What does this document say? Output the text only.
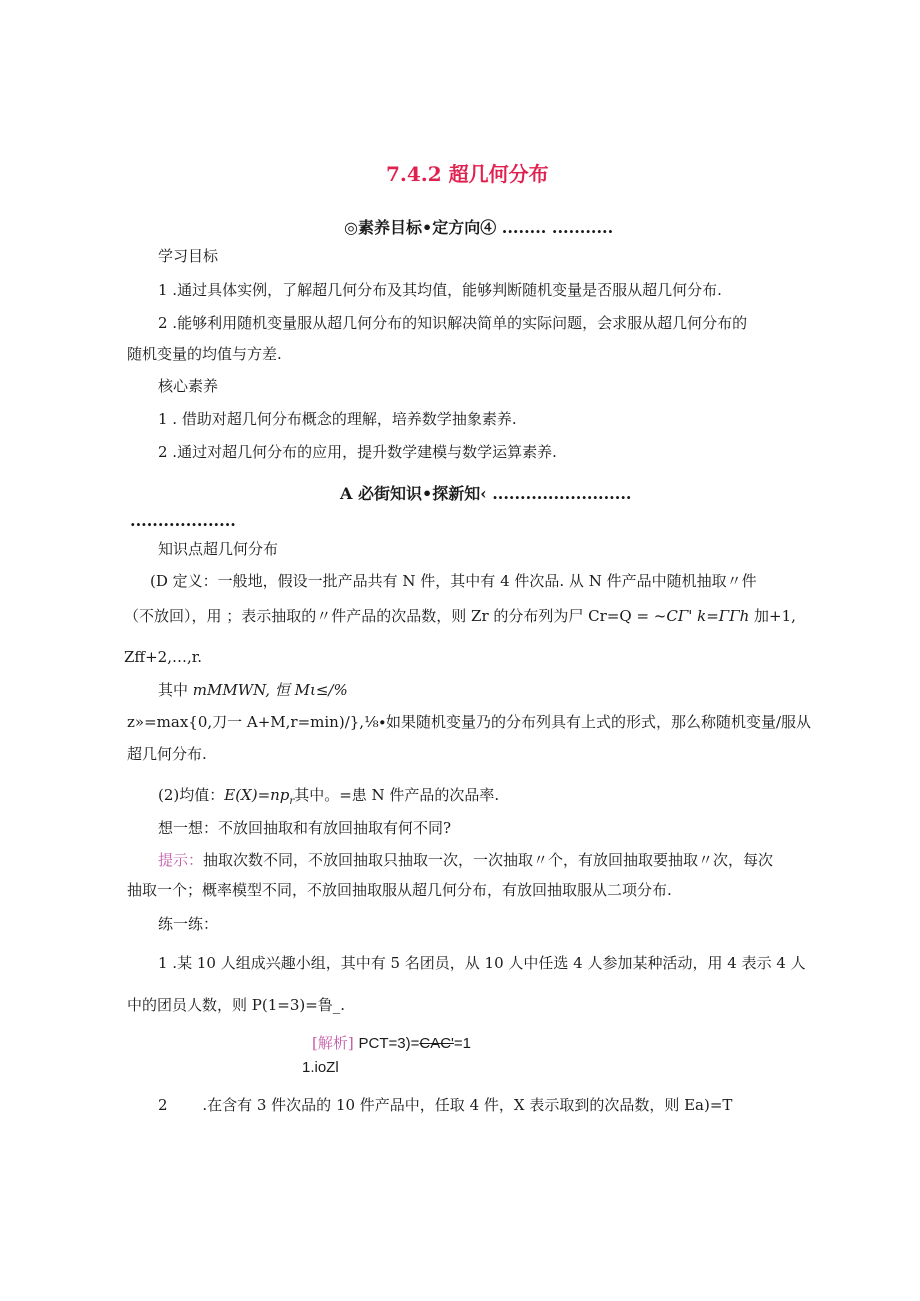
7.4.2 超几何分布
◎素养目标•定方向④ ........ ...........
学习目标
1 .通过具体实例，了解超几何分布及其均值，能够判断随机变量是否服从超几何分布.
2 .能够利用随机变量服从超几何分布的知识解决简单的实际问题，会求服从超几何分布的
随机变量的均值与方差.
核心素养
1 . 借助对超几何分布概念的理解，培养数学抽象素养.
2 .通过对超几何分布的应用，提升数学建模与数学运算素养.
A 必街知识•探新知‹ .........................
...................
知识点超几何分布
(D 定义：一般地，假设一批产品共有 N 件，其中有 4 件次品. 从 N 件产品中随机抽取〃件
（不放回），用 ；表示抽取的〃件产品的次品数，则 Zr 的分布列为尸 Cr=Q = ~CΓ' k=ΓΓh 加+1,
Zff+2,…,r.
其中 mMMWN, 恒 Mι≤∕%
z»=max{0,刀一 A+M,r=min)∕},⅛∙如果随机变量乃的分布列具有上式的形式，那么称随机变量/服从
超几何分布.
(2)均值：$E(X)=np_r$其中。=患 N 件产品的次品率.
想一想：不放回抽取和有放回抽取有何不同?
提示：抽取次数不同，不放回抽取只抽取一次，一次抽取〃个，有放回抽取要抽取〃次，每次
抽取一个；概率模型不同，不放回抽取服从超几何分布，有放回抽取服从二项分布.
练一练：
1 .某 10 人组成兴趣小组，其中有 5 名团员，从 10 人中任选 4 人参加某种活动，用 4 表示 4 人
中的团员人数，则 P(1=3)=鲁_.
[解析] PCT=3)=CAC'=1
1.ioZl
2 .在含有 3 件次品的 10 件产品中，任取 4 件，X 表示取到的次品数，则 Ea)=T
